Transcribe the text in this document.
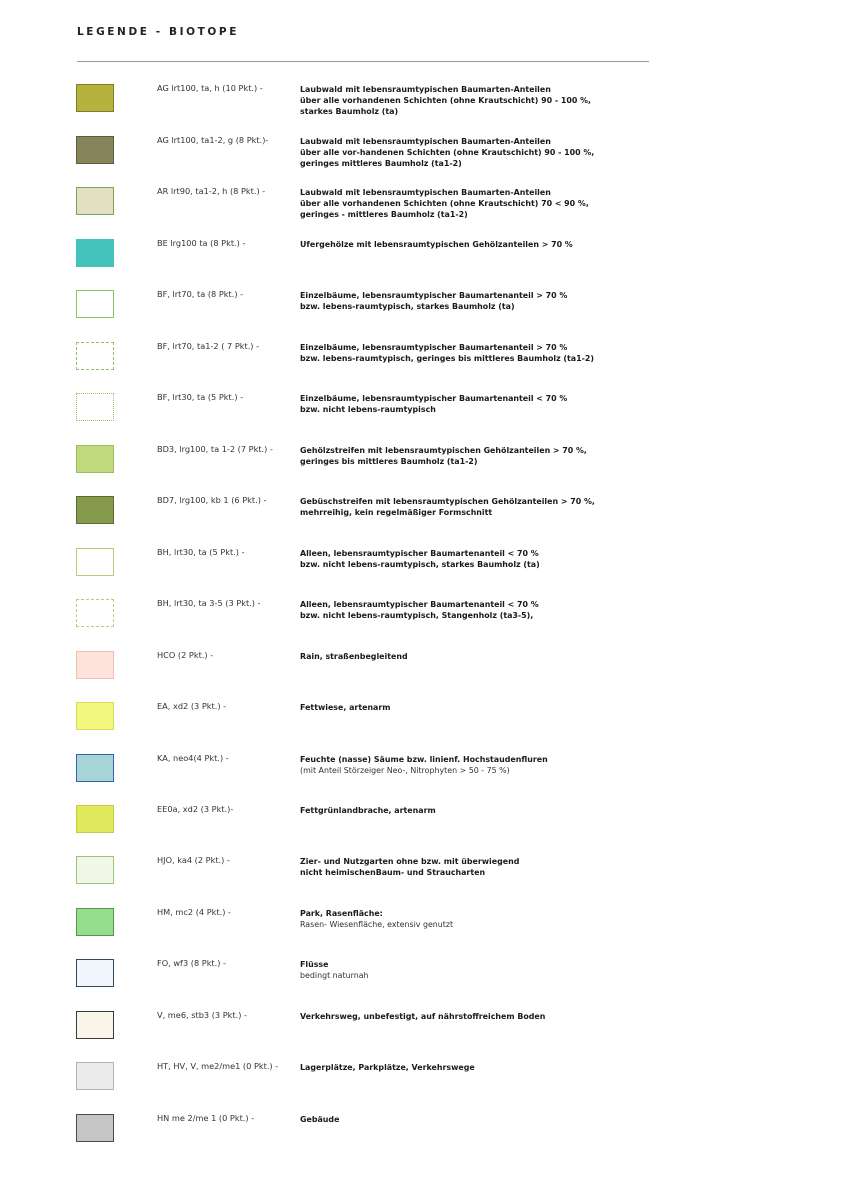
LEGENDE - BIOTOPE
AG lrt100, ta, h (10 Pkt.) -	Laubwald mit lebensraumtypischen Baumarten-Anteilen
über alle vorhandenen Schichten (ohne Krautschicht) 90 - 100 %,
starkes Baumholz (ta)
AG lrt100, ta1-2, g (8 Pkt.)-	Laubwald mit lebensraumtypischen Baumarten-Anteilen
über alle vor-handenen Schichten (ohne Krautschicht) 90 - 100 %,
geringes mittleres Baumholz (ta1-2)
AR lrt90, ta1-2, h (8 Pkt.) -	Laubwald mit lebensraumtypischen Baumarten-Anteilen
über alle vorhandenen Schichten (ohne Krautschicht) 70 < 90 %,
geringes - mittleres Baumholz (ta1-2)
BE lrg100 ta (8 Pkt.) -	Ufergehölze mit lebensraumtypischen Gehölzanteilen > 70 %
BF, lrt70, ta (8 Pkt.) -	Einzelbäume, lebensraumtypischer Baumartenanteil > 70 %
bzw. lebens-raumtypisch, starkes Baumholz (ta)
BF, lrt70, ta1-2 ( 7 Pkt.) -	Einzelbäume, lebensraumtypischer Baumartenanteil > 70 %
bzw. lebens-raumtypisch, geringes bis mittleres Baumholz (ta1-2)
BF, lrt30, ta (5 Pkt.) -	Einzelbäume, lebensraumtypischer Baumartenanteil < 70 %
bzw. nicht lebens-raumtypisch
BD3, lrg100, ta 1-2 (7 Pkt.) -	Gehölzstreifen mit lebensraumtypischen Gehölzanteilen > 70 %,
geringes bis mittleres Baumholz (ta1-2)
BD7, lrg100, kb 1 (6 Pkt.) -	Gebüschstreifen mit lebensraumtypischen Gehölzanteilen > 70 %,
mehrreihig, kein regelmäßiger Formschnitt
BH, lrt30, ta (5 Pkt.) -	Alleen, lebensraumtypischer Baumartenanteil < 70 %
bzw. nicht lebens-raumtypisch, starkes Baumholz (ta)
BH, lrt30, ta 3-5 (3 Pkt.) -	Alleen, lebensraumtypischer Baumartenanteil < 70 %
bzw. nicht lebens-raumtypisch, Stangenholz (ta3-5),
HCO (2 Pkt.) -	Rain, straßenbegleitend
EA, xd2 (3 Pkt.) -	Fettwiese, artenarm
KA, neo4(4 Pkt.) -	Feuchte (nasse) Säume bzw. linienf. Hochstaudenfluren
(mit Anteil Störzeiger Neo-, Nitrophyten > 50 - 75 %)
EE0a, xd2 (3 Pkt.)-	Fettgrünlandbrache, artenarm
HJO, ka4 (2 Pkt.) -	Zier- und Nutzgarten ohne bzw. mit überwiegend
nicht heimischenBaum- und Straucharten
HM, mc2 (4 Pkt.) -	Park, Rasenfläche:
Rasen- Wiesenfläche, extensiv genutzt
FO, wf3 (8 Pkt.) -	Flüsse
bedingt naturnah
V, me6, stb3 (3 Pkt.) -	Verkehrsweg, unbefestigt, auf nährstoffreichem Boden
HT, HV, V, me2/me1 (0 Pkt.) -	Lagerplätze, Parkplätze, Verkehrswege
HN me 2/me 1 (0 Pkt.) -	Gebäude
